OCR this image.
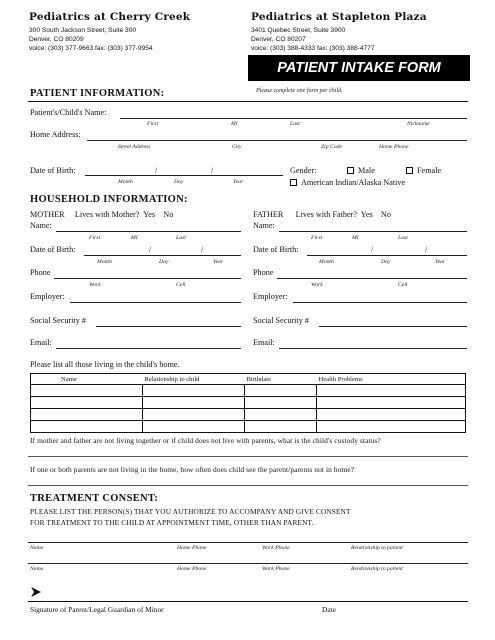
Pediatrics at Cherry Creek
300 South Jackson Street, Suite 300
Denver, CO 80209
voice: (303) 377-9663 fax: (303) 377-9954
Pediatrics at Stapleton Plaza
3401 Quebec Street, Suite 3900
Denver, CO 80207
voice: (303) 388-4333 fax: (303) 388-4777
PATIENT INTAKE FORM
PATIENT INFORMATION:	Please complete one form per child.
Patient's/Child's Name:
First	MI	Last	Nickname
Home Address:
Street Address	City	Zip Code	Home Phone
Date of Birth:	/	/
Month	Day	Year
Gender:	Male	Female
American Indian/Alaska Native
HOUSEHOLD INFORMATION:
MOTHER Lives with Mother? Yes No
Name:
First	MI	Last
Date of Birth:	/	/
Month	Day	Year
Phone
Work	Cell
Employer:
Social Security #
Email:
FATHER Lives with Father? Yes No
Name:
First	MI	Last
Date of Birth:	/	/
Month	Day	Year
Phone
Work	Cell
Employer:
Social Security #
Email:
Please list all those living in the child's home.
Name	Relationship to child	Birthdate	Health Problems

If mother and father are not living together or if child does not live with parents, what is the child's custody status?
If one or both parents are not living in the home, how often does child see the parent/parents not in home?
TREATMENT CONSENT:
PLEASE LIST THE PERSON(S) THAT YOU AUTHORIZE TO ACCOMPANY AND GIVE CONSENT
FOR TREATMENT TO THE CHILD AT APPOINTMENT TIME, OTHER THAN PARENT.
Name	Home Phone	Work Phone	Relationship to patient
Name	Home Phone	Work Phone	Relationship to patient
Signature of Parent/Legal Guardian of Minor	Date
